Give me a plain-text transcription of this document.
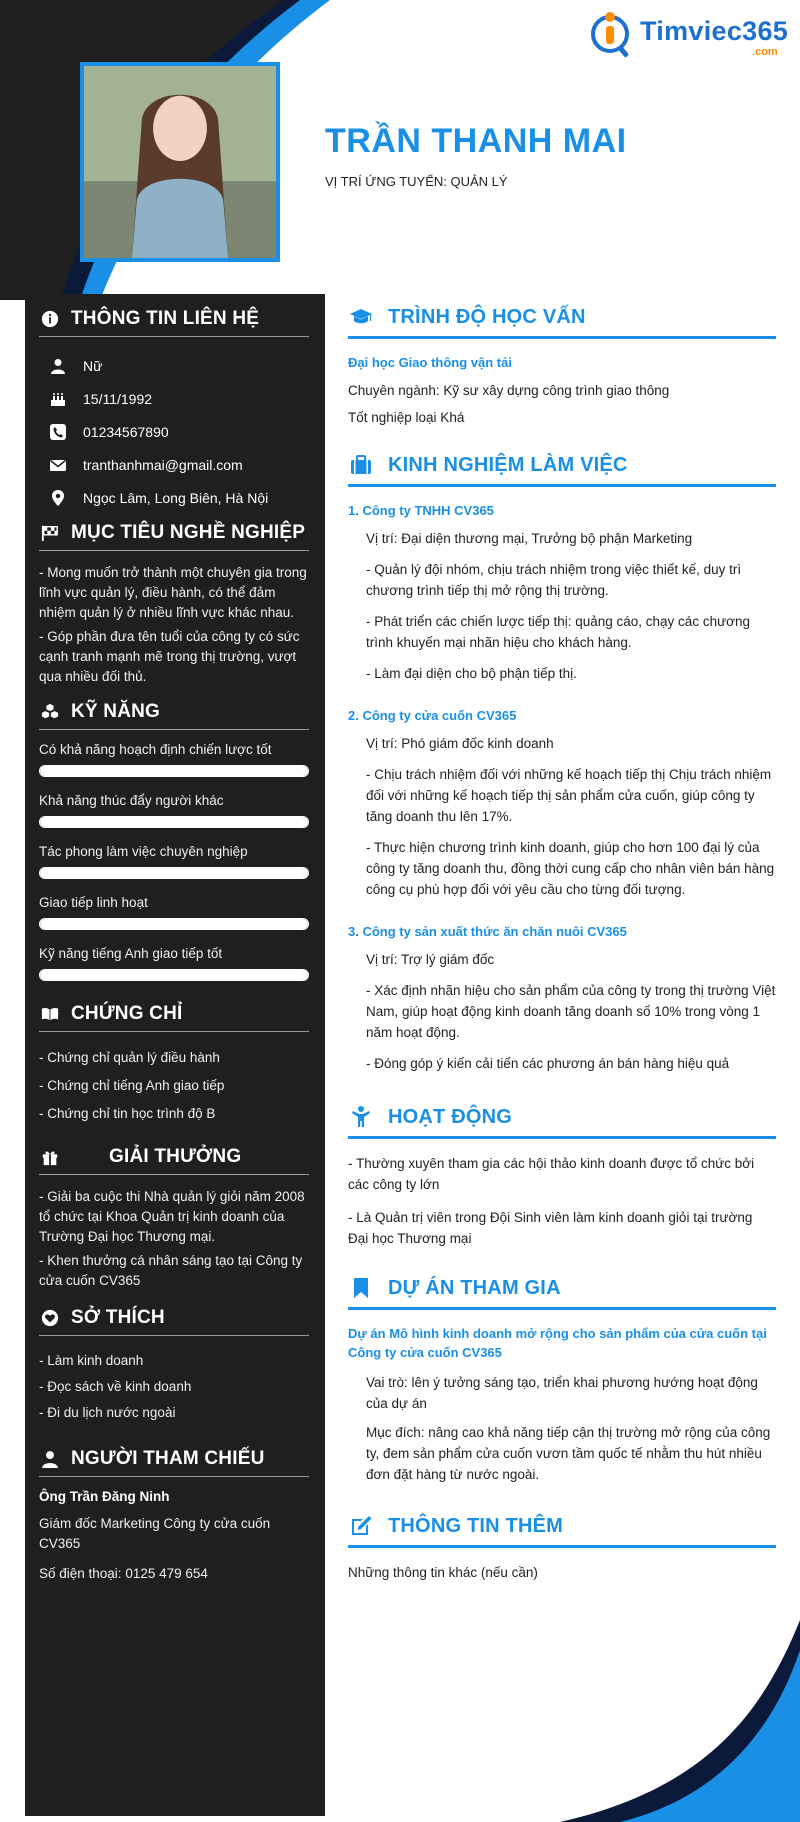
Timviec365
.com
TRẦN THANH MAI
VỊ TRÍ ỨNG TUYỂN: QUẢN LÝ
THÔNG TIN LIÊN HỆ
Nữ
15/11/1992
01234567890
tranthanhmai@gmail.com
Ngọc Lâm, Long Biên, Hà Nội
MỤC TIÊU NGHỀ NGHIỆP

- Mong muốn trở thành một chuyên gia trong lĩnh vực quản lý, điều hành, có thể đảm nhiệm quản lý ở nhiều lĩnh vực khác nhau.

- Góp phần đưa tên tuổi của công ty có sức cạnh tranh mạnh mẽ trong thị trường, vượt qua nhiều đối thủ.

KỸ NĂNG
Có khả năng hoạch định chiến lược tốt
Khả năng thúc đẩy người khác
Tác phong làm việc chuyên nghiệp
Giao tiếp linh hoạt
Kỹ năng tiếng Anh giao tiếp tốt
CHỨNG CHỈ
- Chứng chỉ quản lý điều hành
- Chứng chỉ tiếng Anh giao tiếp
- Chứng chỉ tin học trình độ B
GIẢI THƯỞNG

- Giải ba cuộc thi Nhà quản lý giỏi năm 2008 tổ chức tại Khoa Quản trị kinh doanh của Trường Đại học Thương mại.

- Khen thưởng cá nhân sáng tạo tại Công ty cửa cuốn CV365

SỞ THÍCH
- Làm kinh doanh
- Đọc sách về kinh doanh
- Đi du lịch nước ngoài
NGƯỜI THAM CHIẾU
Ông Trần Đăng Ninh

Giám đốc Marketing Công ty cửa cuốn CV365

Số điện thoại: 0125 479 654

TRÌNH ĐỘ HỌC VẤN
Đại học Giao thông vận tải
Chuyên ngành: Kỹ sư xây dựng công trình giao thông
Tốt nghiệp loại Khá
KINH NGHIỆM LÀM VIỆC
1. Công ty TNHH CV365
Vị trí: Đại diện thương mại, Trưởng bộ phận Marketing
- Quản lý đội nhóm, chịu trách nhiệm trong việc thiết kế, duy trì chương trình tiếp thị mở rộng thị trường.
- Phát triển các chiến lược tiếp thị: quảng cáo, chạy các chương trình khuyến mại nhãn hiệu cho khách hàng.
- Làm đại diện cho bộ phận tiếp thị.
2. Công ty cửa cuốn CV365
Vị trí: Phó giám đốc kinh doanh
- Chịu trách nhiệm đối với những kế hoạch tiếp thị Chịu trách nhiệm đối với những kế hoạch tiếp thị sản phẩm cửa cuốn, giúp công ty tăng doanh thu lên 17%.
- Thực hiện chương trình kinh doanh, giúp cho hơn 100 đại lý của công ty tăng doanh thu, đồng thời cung cấp cho nhân viên bán hàng công cụ phù hợp đối với yêu cầu cho từng đối tượng.
3. Công ty sản xuất thức ăn chăn nuôi CV365
Vị trí: Trợ lý giám đốc
- Xác định nhãn hiệu cho sản phẩm của công ty trong thị trường Việt Nam, giúp hoạt động kinh doanh tăng doanh số 10% trong vòng 1 năm hoạt động.
- Đóng góp ý kiến cải tiến các phương án bán hàng hiệu quả
HOẠT ĐỘNG
- Thường xuyên tham gia các hội thảo kinh doanh được tổ chức bởi các công ty lớn
- Là Quản trị viên trong Đội Sinh viên làm kinh doanh giỏi tại trường Đại học Thương mại
DỰ ÁN THAM GIA
Dự án Mô hình kinh doanh mở rộng cho sản phẩm của cửa cuốn tại Công ty cửa cuốn CV365
Vai trò: lên ý tưởng sáng tạo, triển khai phương hướng hoạt động của dự án
Mục đích: nâng cao khả năng tiếp cận thị trường mở rộng của công ty, đem sản phẩm cửa cuốn vươn tầm quốc tế nhằm thu hút nhiều đơn đặt hàng từ nước ngoài.
THÔNG TIN THÊM
Những thông tin khác (nếu cần)
